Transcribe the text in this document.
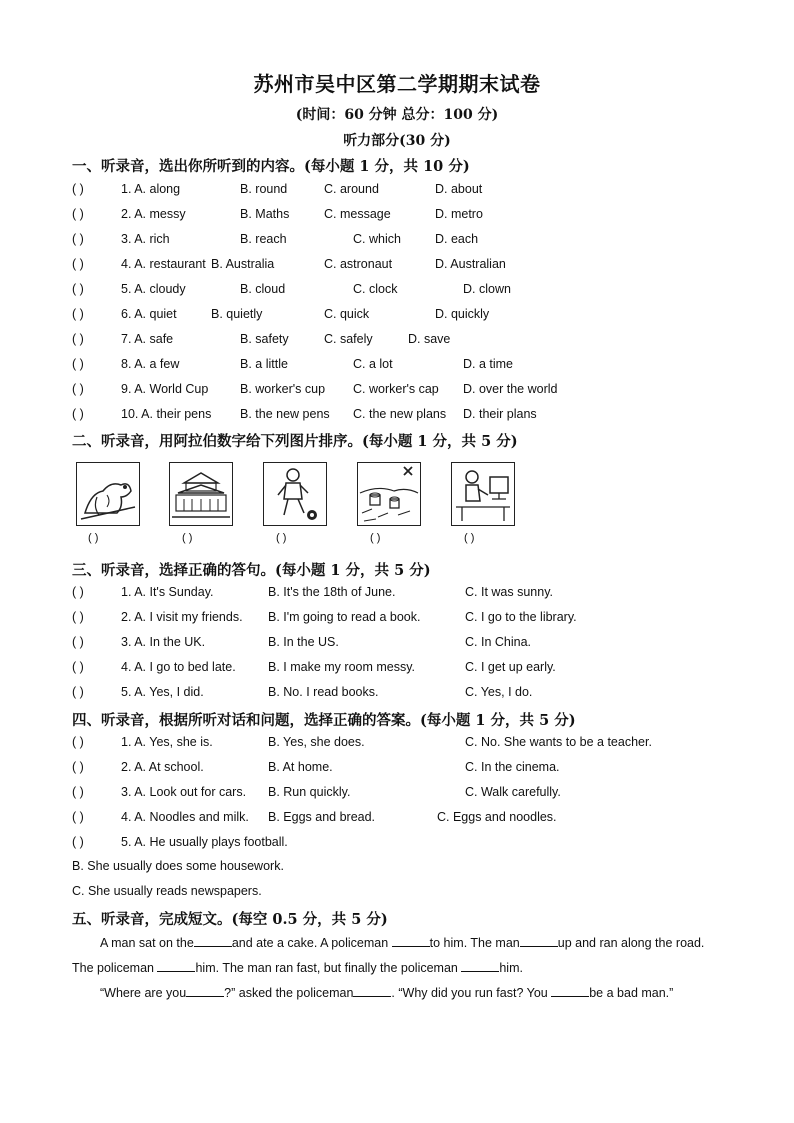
苏州市吴中区第二学期期末试卷
(时间：60 分钟 总分：100 分)
听力部分(30 分)
一、听录音，选出你所听到的内容。(每小题 1 分，共 10 分)
( )	1. A. along	B. round	C. around	D. about
( )	2. A. messy	B. Maths	C. message	D. metro
( )	3. A. rich	B. reach	C. which	D. each
( )	4. A. restaurant B. Australia	C. astronaut	D. Australian
( )	5. A. cloudy	B. cloud	C. clock	D. clown
( )	6. A. quiet	B. quietly	C. quick	D. quickly
( )	7. A. safe	B. safety	C. safely	D. save
( )	8. A. a few	B. a little	C. a lot	D. a time
( )	9. A. World Cup	B. worker's cup C. worker's cap D. over the world
( )	10. A. their pens B. the new pens C. the new plans D. their plans
二、听录音，用阿拉伯数字给下列图片排序。(每小题 1 分，共 5 分)
( )	( )	( )	( )	( )
三、听录音，选择正确的答句。(每小题 1 分，共 5 分)
( )	1. A. It's Sunday.	B. It's the 18th of June.	C. It was sunny.
( )	2. A. I visit my friends. B. I'm going to read a book.	C. I go to the library.
( )	3. A. In the UK.	B. In the US.	C. In China.
( )	4. A. I go to bed late.	B. I make my room messy.	C. I get up early.
( )	5. A. Yes, I did.	B. No. I read books.	C. Yes, I do.
四、听录音，根据所听对话和问题，选择正确的答案。(每小题 1 分，共 5 分)
( )	1. A. Yes, she is.	B. Yes, she does.	C. No. She wants to be a teacher.
( )	2. A. At school.	B. At home.	C. In the cinema.
( )	3. A. Look out for cars. B. Run quickly.	C. Walk carefully.
( )	4. A. Noodles and milk. B. Eggs and bread.	C. Eggs and noodles.
( )	5. A. He usually plays football.
B. She usually does some housework.
C. She usually reads newspapers.
五、听录音，完成短文。(每空 0.5 分，共 5 分)
A man sat on the	and ate a cake. A policeman	to him. The man	up and ran along the road.
The policeman	him. The man ran fast, but finally the policeman	him.
“Where are you	?” asked the policeman	. “Why did you run fast? You	be a bad man.”
